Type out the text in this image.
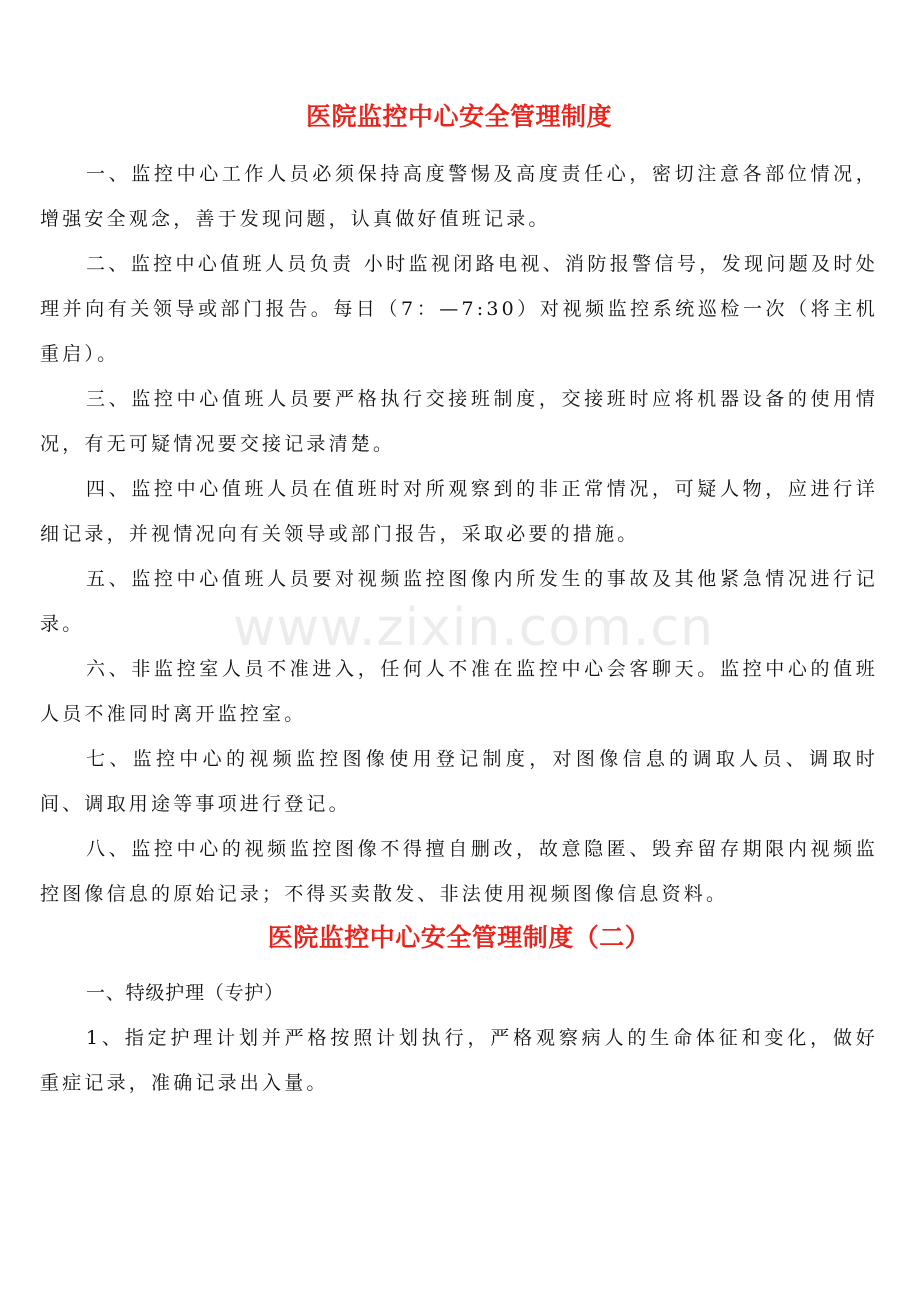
医院监控中心安全管理制度

一、监控中心工作人员必须保持高度警惕及高度责任心，密切注意各部位情况，增强安全观念，善于发现问题，认真做好值班记录。

二、监控中心值班人员负责 小时监视闭路电视、消防报警信号，发现问题及时处理并向有关领导或部门报告。每日（7：—7:30）对视频监控系统巡检一次（将主机重启）。

三、监控中心值班人员要严格执行交接班制度，交接班时应将机器设备的使用情况，有无可疑情况要交接记录清楚。

四、监控中心值班人员在值班时对所观察到的非正常情况，可疑人物，应进行详细记录，并视情况向有关领导或部门报告，采取必要的措施。

五、监控中心值班人员要对视频监控图像内所发生的事故及其他紧急情况进行记录。

六、非监控室人员不准进入，任何人不准在监控中心会客聊天。监控中心的值班人员不准同时离开监控室。

七、监控中心的视频监控图像使用登记制度，对图像信息的调取人员、调取时间、调取用途等事项进行登记。

八、监控中心的视频监控图像不得擅自删改，故意隐匿、毁弃留存期限内视频监控图像信息的原始记录；不得买卖散发、非法使用视频图像信息资料。

医院监控中心安全管理制度（二）

一、特级护理（专护）

1、指定护理计划并严格按照计划执行，严格观察病人的生命体征和变化，做好重症记录，准确记录出入量。

www.zixin.com.cn
